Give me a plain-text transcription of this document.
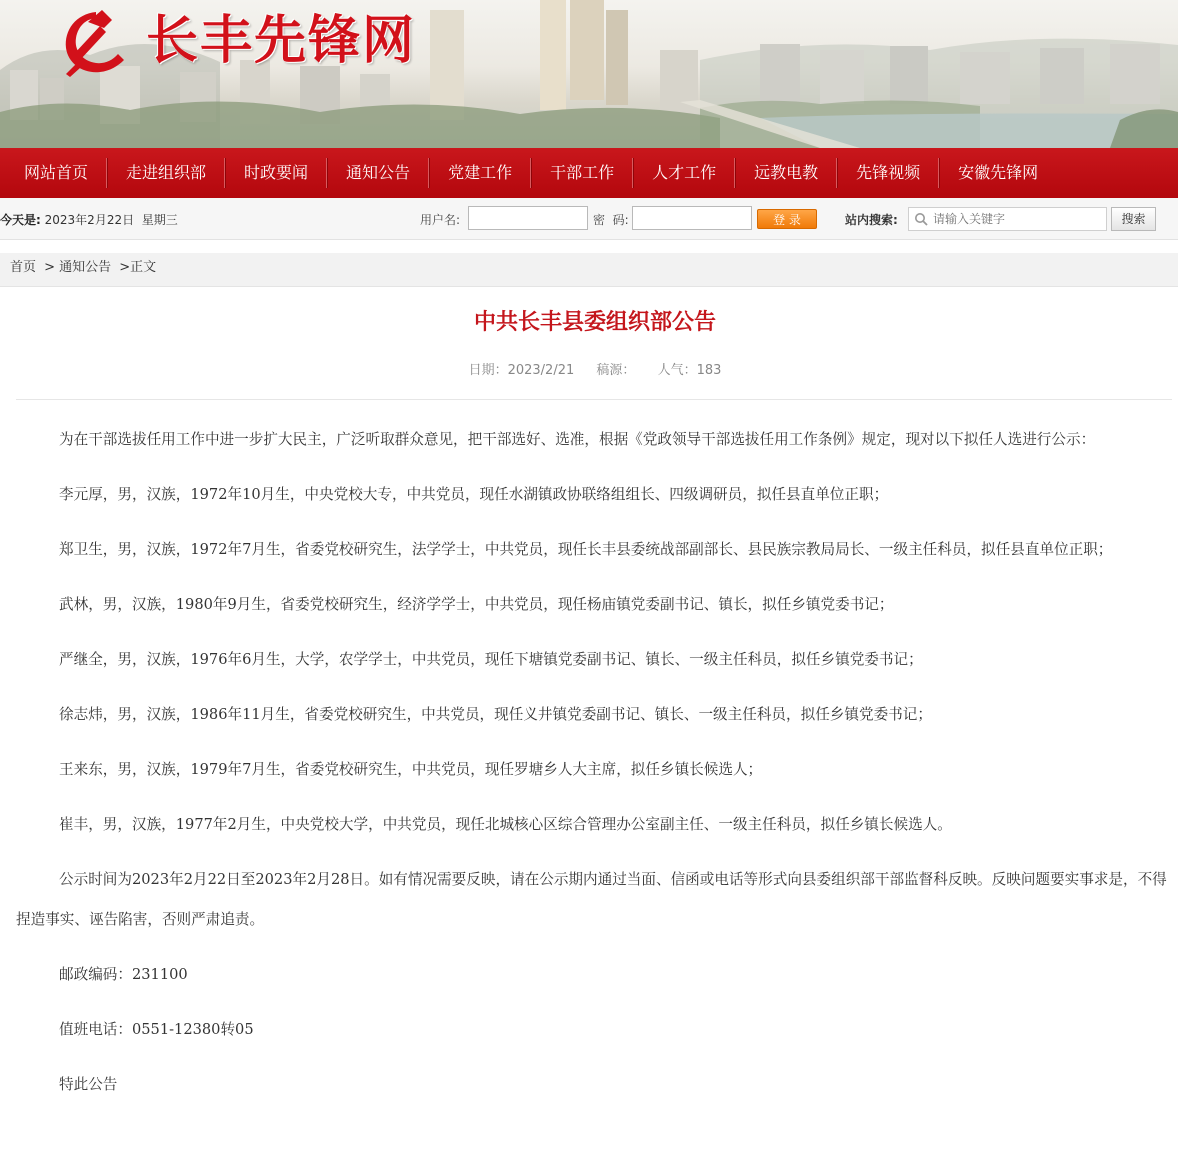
长丰先锋网
网站首页	走进组织部	时政要闻	通知公告	党建工作	干部工作	人才工作	远教电教	先锋视频	安徽先锋网
今天是: 2023年2月22日  星期三	用户名:	密  码:	站内搜索:
登 录
请输入关键字	搜索
首页 > 通知公告 >正文
中共长丰县委组织部公告
日期：2023/2/21 稿源： 人气：183

为在干部选拔任用工作中进一步扩大民主，广泛听取群众意见，把干部选好、选准，根据《党政领导干部选拔任用工作条例》规定，现对以下拟任人选进行公示：

李元厚，男，汉族，1972年10月生，中央党校大专，中共党员，现任水湖镇政协联络组组长、四级调研员，拟任县直单位正职；

郑卫生，男，汉族，1972年7月生，省委党校研究生，法学学士，中共党员，现任长丰县委统战部副部长、县民族宗教局局长、一级主任科员，拟任县直单位正职；

武林，男，汉族，1980年9月生，省委党校研究生，经济学学士，中共党员，现任杨庙镇党委副书记、镇长，拟任乡镇党委书记；

严继全，男，汉族，1976年6月生，大学，农学学士，中共党员，现任下塘镇党委副书记、镇长、一级主任科员，拟任乡镇党委书记；

徐志炜，男，汉族，1986年11月生，省委党校研究生，中共党员，现任义井镇党委副书记、镇长、一级主任科员，拟任乡镇党委书记；

王来东，男，汉族，1979年7月生，省委党校研究生，中共党员，现任罗塘乡人大主席，拟任乡镇长候选人；

崔丰，男，汉族，1977年2月生，中央党校大学，中共党员，现任北城核心区综合管理办公室副主任、一级主任科员，拟任乡镇长候选人。

公示时间为2023年2月22日至2023年2月28日。如有情况需要反映，请在公示期内通过当面、信函或电话等形式向县委组织部干部监督科反映。反映问题要实事求是，不得捏造事实、诬告陷害，否则严肃追责。

邮政编码：231100

值班电话：0551-12380转05

特此公告
